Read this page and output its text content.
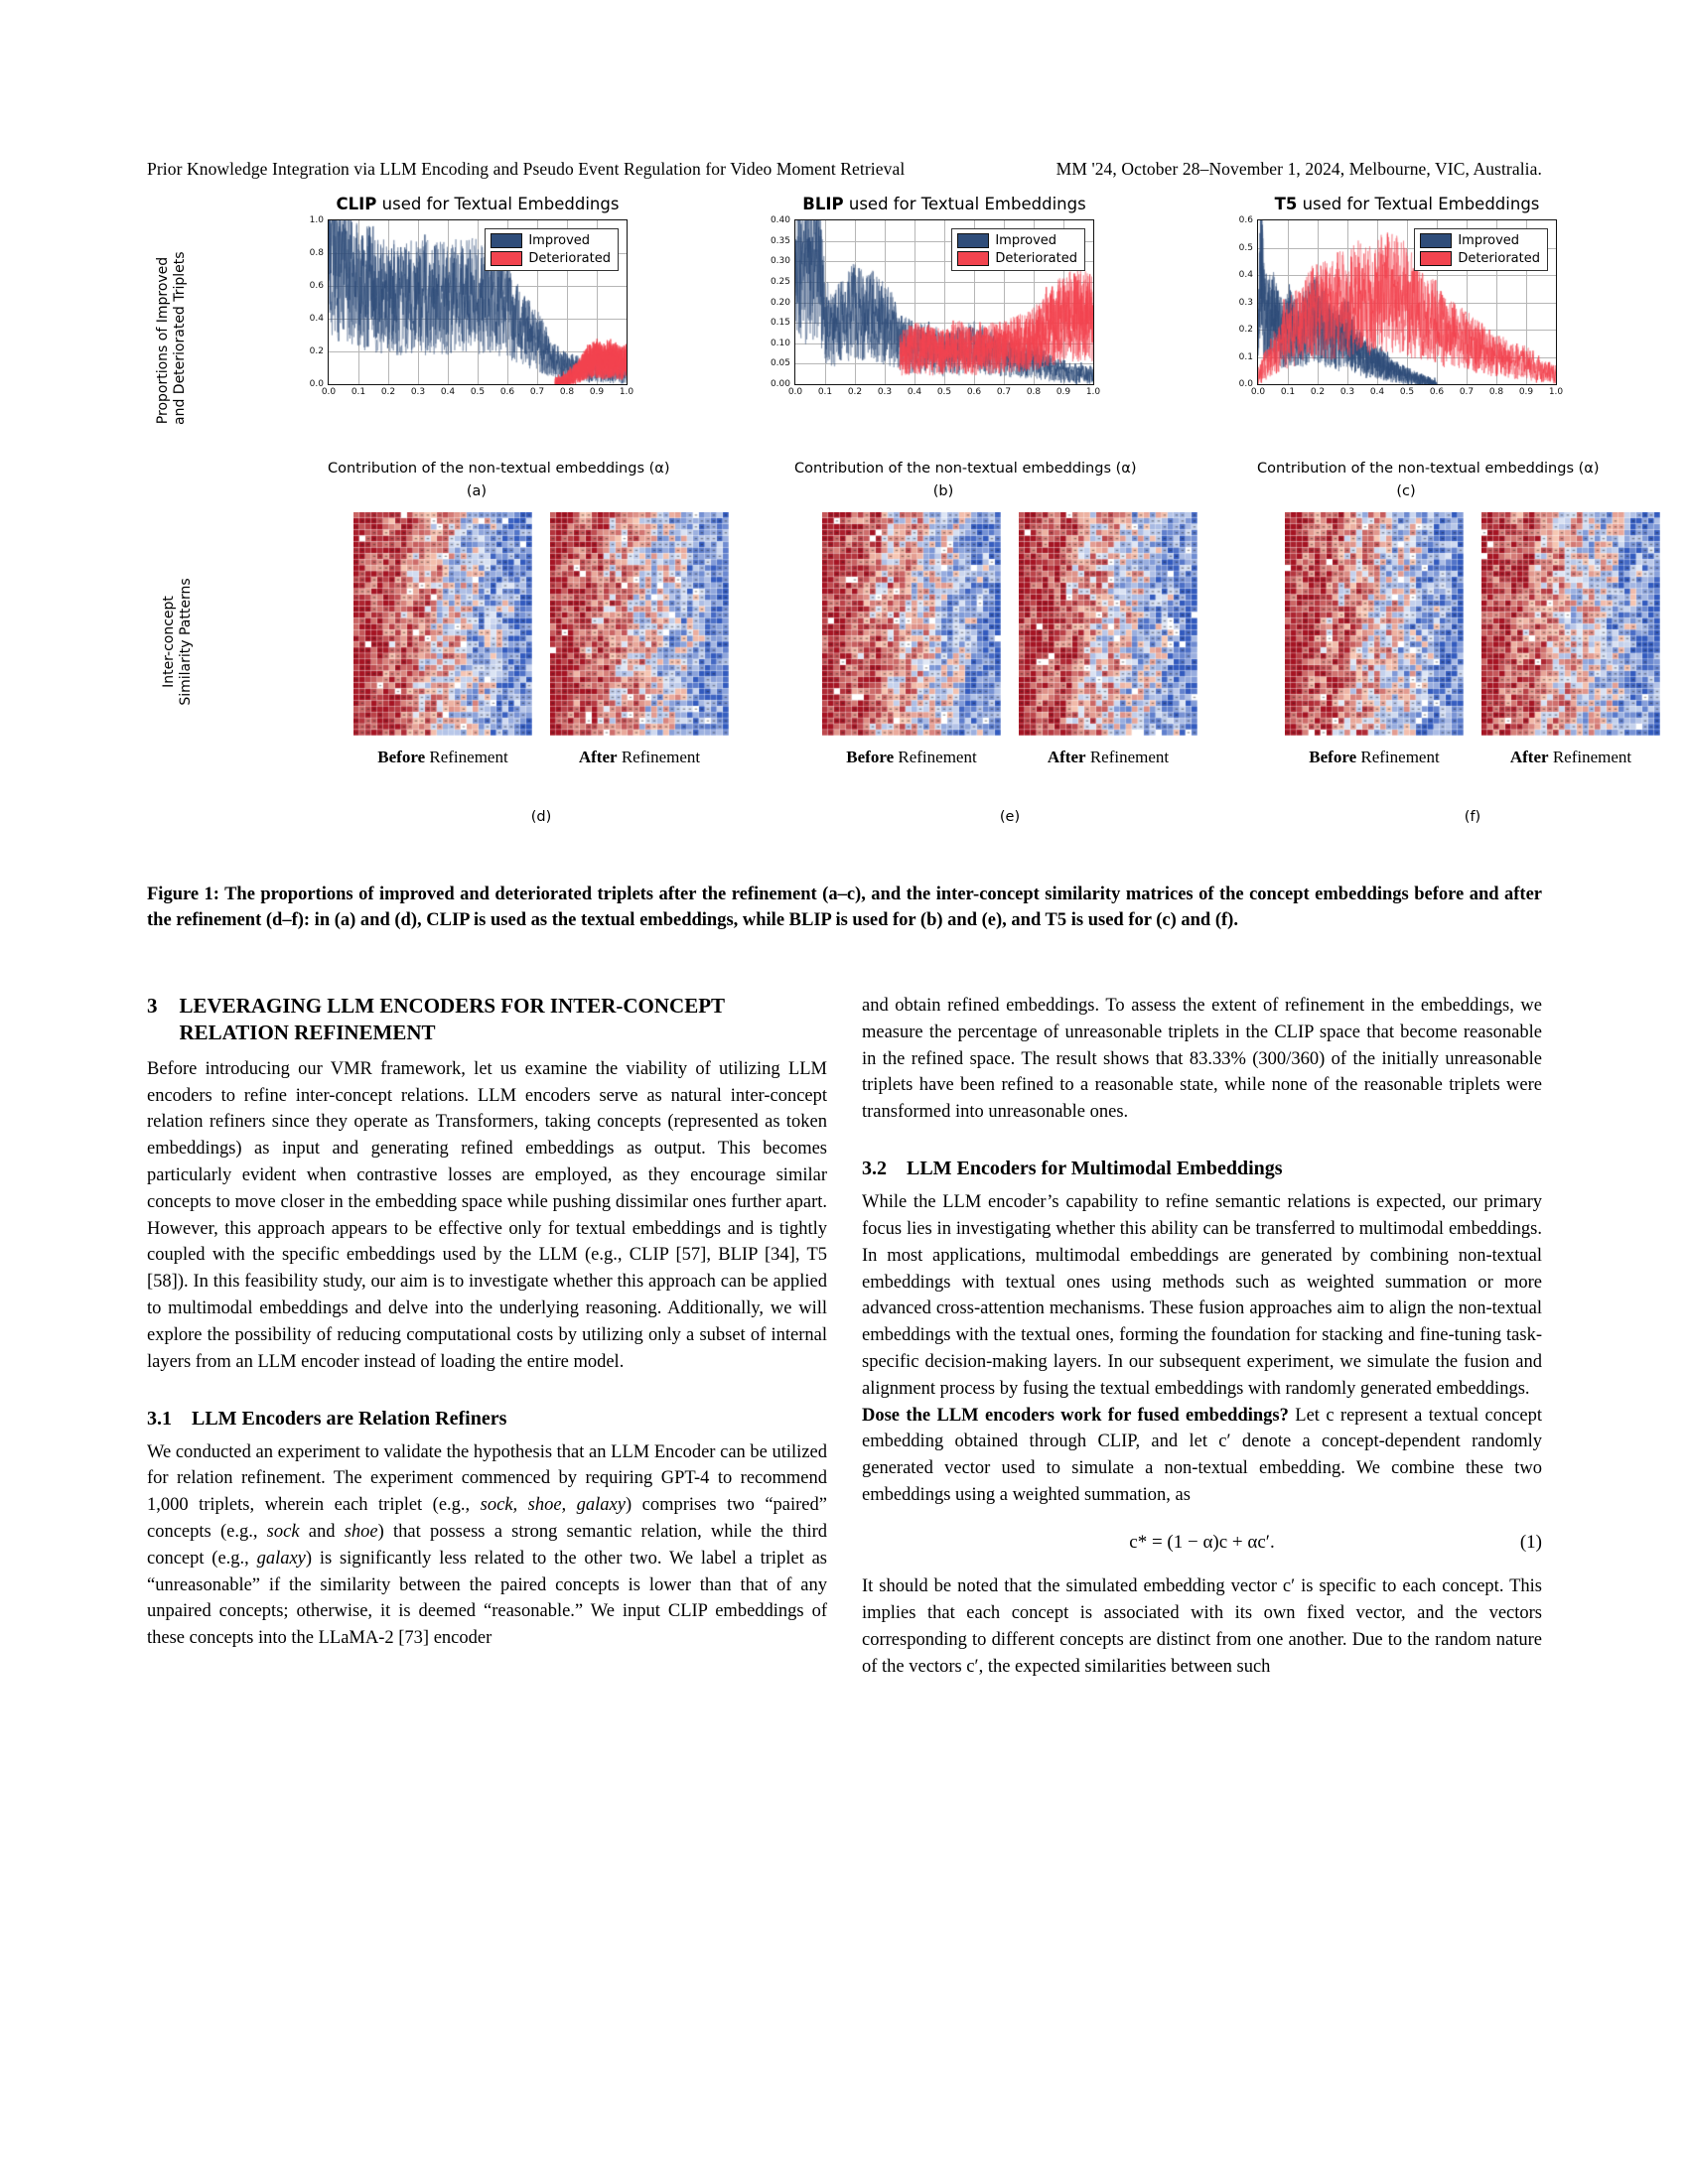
Prior Knowledge Integration via LLM Encoding and Pseudo Event Regulation for Video Moment Retrieval	MM '24, October 28–November 1, 2024, Melbourne, VIC, Australia.
Proportions of Improved and Deteriorated Triplets
CLIP used for Textual Embeddings
0.0 0.1 0.2 0.3 0.4 0.5 0.6 0.7 0.8 0.9 1.0
0.0
0.2
0.4
0.6
0.8
1.0
Improved
Deteriorated
BLIP used for Textual Embeddings
0.0 0.1 0.2 0.3 0.4 0.5 0.6 0.7 0.8 0.9 1.0
0.00
0.05
0.10
0.15
0.20
0.25
0.30
0.35
0.40
Improved
Deteriorated
T5 used for Textual Embeddings
0.0 0.1 0.2 0.3 0.4 0.5 0.6 0.7 0.8 0.9 1.0
0.0
0.1
0.2
0.3
0.4
0.5
0.6
Improved
Deteriorated
Contribution of the non-textual embeddings (α)
(a)
Contribution of the non-textual embeddings (α)
(b)
Contribution of the non-textual embeddings (α)
(c)
Inter-concept Similarity Patterns
Before Refinement	After Refinement
(d)
Before Refinement	After Refinement
(e)
Before Refinement	After Refinement
(f)
Figure 1: The proportions of improved and deteriorated triplets after the refinement (a–c), and the inter-concept similarity matrices of the concept embeddings before and after the refinement (d–f): in (a) and (d), CLIP is used as the textual embeddings, while BLIP is used for (b) and (e), and T5 is used for (c) and (f).
3 LEVERAGING LLM ENCODERS FOR INTER-CONCEPT RELATION REFINEMENT

Before introducing our VMR framework, let us examine the viability of utilizing LLM encoders to refine inter-concept relations. LLM encoders serve as natural inter-concept relation refiners since they operate as Transformers, taking concepts (represented as token embeddings) as input and generating refined embeddings as output. This becomes particularly evident when contrastive losses are employed, as they encourage similar concepts to move closer in the embedding space while pushing dissimilar ones further apart. However, this approach appears to be effective only for textual embeddings and is tightly coupled with the specific embeddings used by the LLM (e.g., CLIP [57], BLIP [34], T5 [58]). In this feasibility study, our aim is to investigate whether this approach can be applied to multimodal embeddings and delve into the underlying reasoning. Additionally, we will explore the possibility of reducing computational costs by utilizing only a subset of internal layers from an LLM encoder instead of loading the entire model.

3.1 LLM Encoders are Relation Refiners

We conducted an experiment to validate the hypothesis that an LLM Encoder can be utilized for relation refinement. The experiment commenced by requiring GPT-4 to recommend 1,000 triplets, wherein each triplet (e.g., sock, shoe, galaxy) comprises two “paired” concepts (e.g., sock and shoe) that possess a strong semantic relation, while the third concept (e.g., galaxy) is significantly less related to the other two. We label a triplet as “unreasonable” if the similarity between the paired concepts is lower than that of any unpaired concepts; otherwise, it is deemed “reasonable.” We input CLIP embeddings of these concepts into the LLaMA-2 [73] encoder

and obtain refined embeddings. To assess the extent of refinement in the embeddings, we measure the percentage of unreasonable triplets in the CLIP space that become reasonable in the refined space. The result shows that 83.33% (300/360) of the initially unreasonable triplets have been refined to a reasonable state, while none of the reasonable triplets were transformed into unreasonable ones.

3.2 LLM Encoders for Multimodal Embeddings

While the LLM encoder’s capability to refine semantic relations is expected, our primary focus lies in investigating whether this ability can be transferred to multimodal embeddings. In most applications, multimodal embeddings are generated by combining non-textual embeddings with textual ones using methods such as weighted summation or more advanced cross-attention mechanisms. These fusion approaches aim to align the non-textual embeddings with the textual ones, forming the foundation for stacking and fine-tuning task-specific decision-making layers. In our subsequent experiment, we simulate the fusion and alignment process by fusing the textual embeddings with randomly generated embeddings.

Dose the LLM encoders work for fused embeddings? Let c represent a textual concept embedding obtained through CLIP, and let c′ denote a concept-dependent randomly generated vector used to simulate a non-textual embedding. We combine these two embeddings using a weighted summation, as

c* = (1 − α)c + αc′.	(1)

It should be noted that the simulated embedding vector c′ is specific to each concept. This implies that each concept is associated with its own fixed vector, and the vectors corresponding to different concepts are distinct from one another. Due to the random nature of the vectors c′, the expected similarities between such
